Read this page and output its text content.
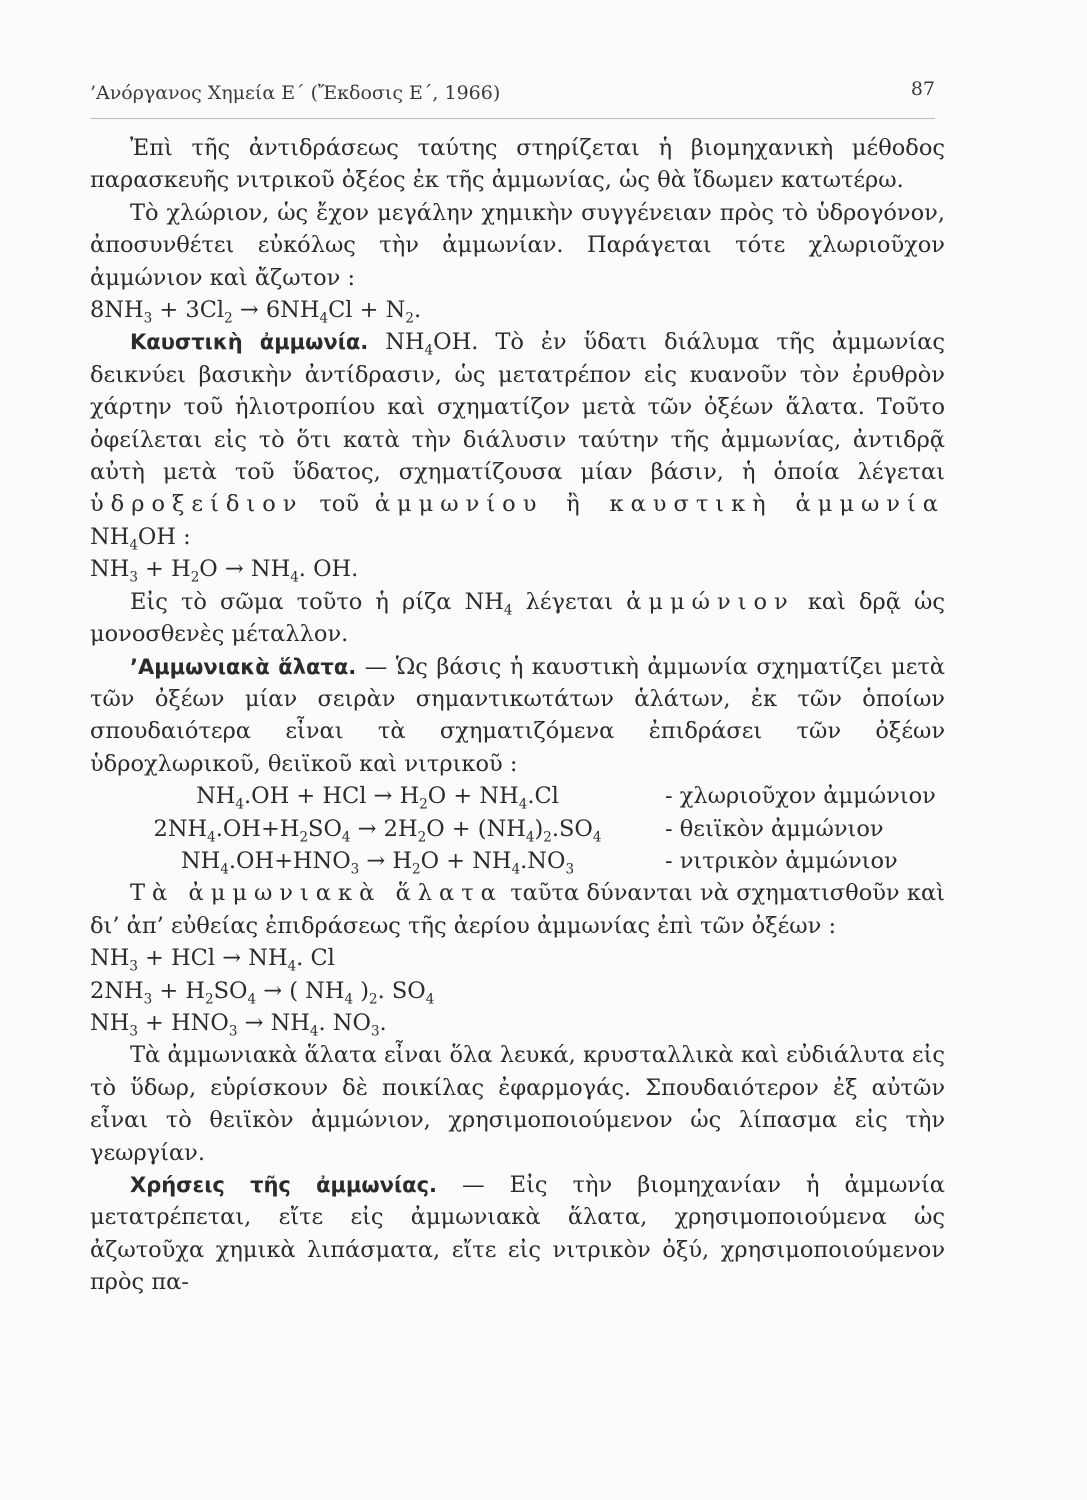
’Ανόργανος Χημεία Ε΄ (Ἔκδοσις Ε΄, 1966)	87

Ἐπὶ τῆς ἀντιδράσεως ταύτης στηρίζεται ἡ βιομηχανικὴ μέθοδος παρασκευῆς νιτρικοῦ ὀξέος ἐκ τῆς ἀμμωνίας, ὡς θὰ ἴδωμεν κατωτέρω.

Τὸ χλώριον, ὡς ἔχον μεγάλην χημικὴν συγγένειαν πρὸς τὸ ὑδρογόνον, ἀποσυνθέτει εὐκόλως τὴν ἀμμωνίαν. Παράγεται τότε χλωριοῦχον ἀμμώνιον καὶ ἄζωτον :

$8NH_3 + 3Cl_2 \to 6NH_4Cl + N_2$.

Καυστικὴ ἀμμωνία. $NH_4OH$. Τὸ ἐν ὕδατι διάλυμα τῆς ἀμμωνίας δεικνύει βασικὴν ἀντίδρασιν, ὡς μετατρέπον εἰς κυανοῦν τὸν ἐρυθρὸν χάρτην τοῦ ἡλιοτροπίου καὶ σχηματίζον μετὰ τῶν ὀξέων ἅλατα. Τοῦτο ὀφείλεται εἰς τὸ ὅτι κατὰ τὴν διάλυσιν ταύτην τῆς ἀμμωνίας, ἀντιδρᾷ αὐτὴ μετὰ τοῦ ὕδατος, σχηματίζουσα μίαν βάσιν, ἡ ὁποία λέγεται ὑδροξείδιον τοῦ ἀμμωνίου ἢ καυστικὴ ἀμμωνία $NH_4OH$ :

$NH_3 + H_2O \to NH_4$. OH.

Εἰς τὸ σῶμα τοῦτο ἡ ρίζα $NH_4$ λέγεται ἀμμώνιον καὶ δρᾷ ὡς μονοσθενὲς μέταλλον.

’Αμμωνιακὰ ἅλατα. — Ὡς βάσις ἡ καυστικὴ ἀμμωνία σχηματίζει μετὰ τῶν ὀξέων μίαν σειρὰν σημαντικωτάτων ἁλάτων, ἐκ τῶν ὁποίων σπουδαιότερα εἶναι τὰ σχηματιζόμενα ἐπιδράσει τῶν ὀξέων ὑδροχλωρικοῦ, θειϊκοῦ καὶ νιτρικοῦ :

$NH_4.OH$ + HCl → $H_2O + NH_4.Cl$	- χλωριοῦχον ἀμμώνιον

$2NH_4.OH+H_2SO_4 \to 2H_2O + (NH_4)_2.SO_4$	- θειϊκὸν ἀμμώνιον

$NH_4.OH+HNO_3 \to H_2O + NH_4.NO_3$	- νιτρικὸν ἀμμώνιον

Τὰ ἀμμωνιακὰ ἅλατα ταῦτα δύνανται νὰ σχηματισθοῦν καὶ δι’ ἀπ’ εὐθείας ἐπιδράσεως τῆς ἀερίου ἀμμωνίας ἐπὶ τῶν ὀξέων :

$NH_3$ + HCl → $NH_4$. Cl

$2NH_3 + H_2SO_4$ → ( $NH_4$ )$_2$. $SO_4$

$NH_3 + HNO_3 \to NH_4$. $NO_3$.

Τὰ ἀμμωνιακὰ ἅλατα εἶναι ὅλα λευκά, κρυσταλλικὰ καὶ εὐδιάλυτα εἰς τὸ ὕδωρ, εὑρίσκουν δὲ ποικίλας ἐφαρμογάς. Σπουδαιότερον ἐξ αὐτῶν εἶναι τὸ θειϊκὸν ἀμμώνιον, χρησιμοποιούμενον ὡς λίπασμα εἰς τὴν γεωργίαν.

Χρήσεις τῆς ἀμμωνίας. — Εἰς τὴν βιομηχανίαν ἡ ἀμμωνία μετατρέπεται, εἴτε εἰς ἀμμωνιακὰ ἅλατα, χρησιμοποιούμενα ὡς ἀζωτοῦχα χημικὰ λιπάσματα, εἴτε εἰς νιτρικὸν ὀξύ, χρησιμοποιούμενον πρὸς πα-
